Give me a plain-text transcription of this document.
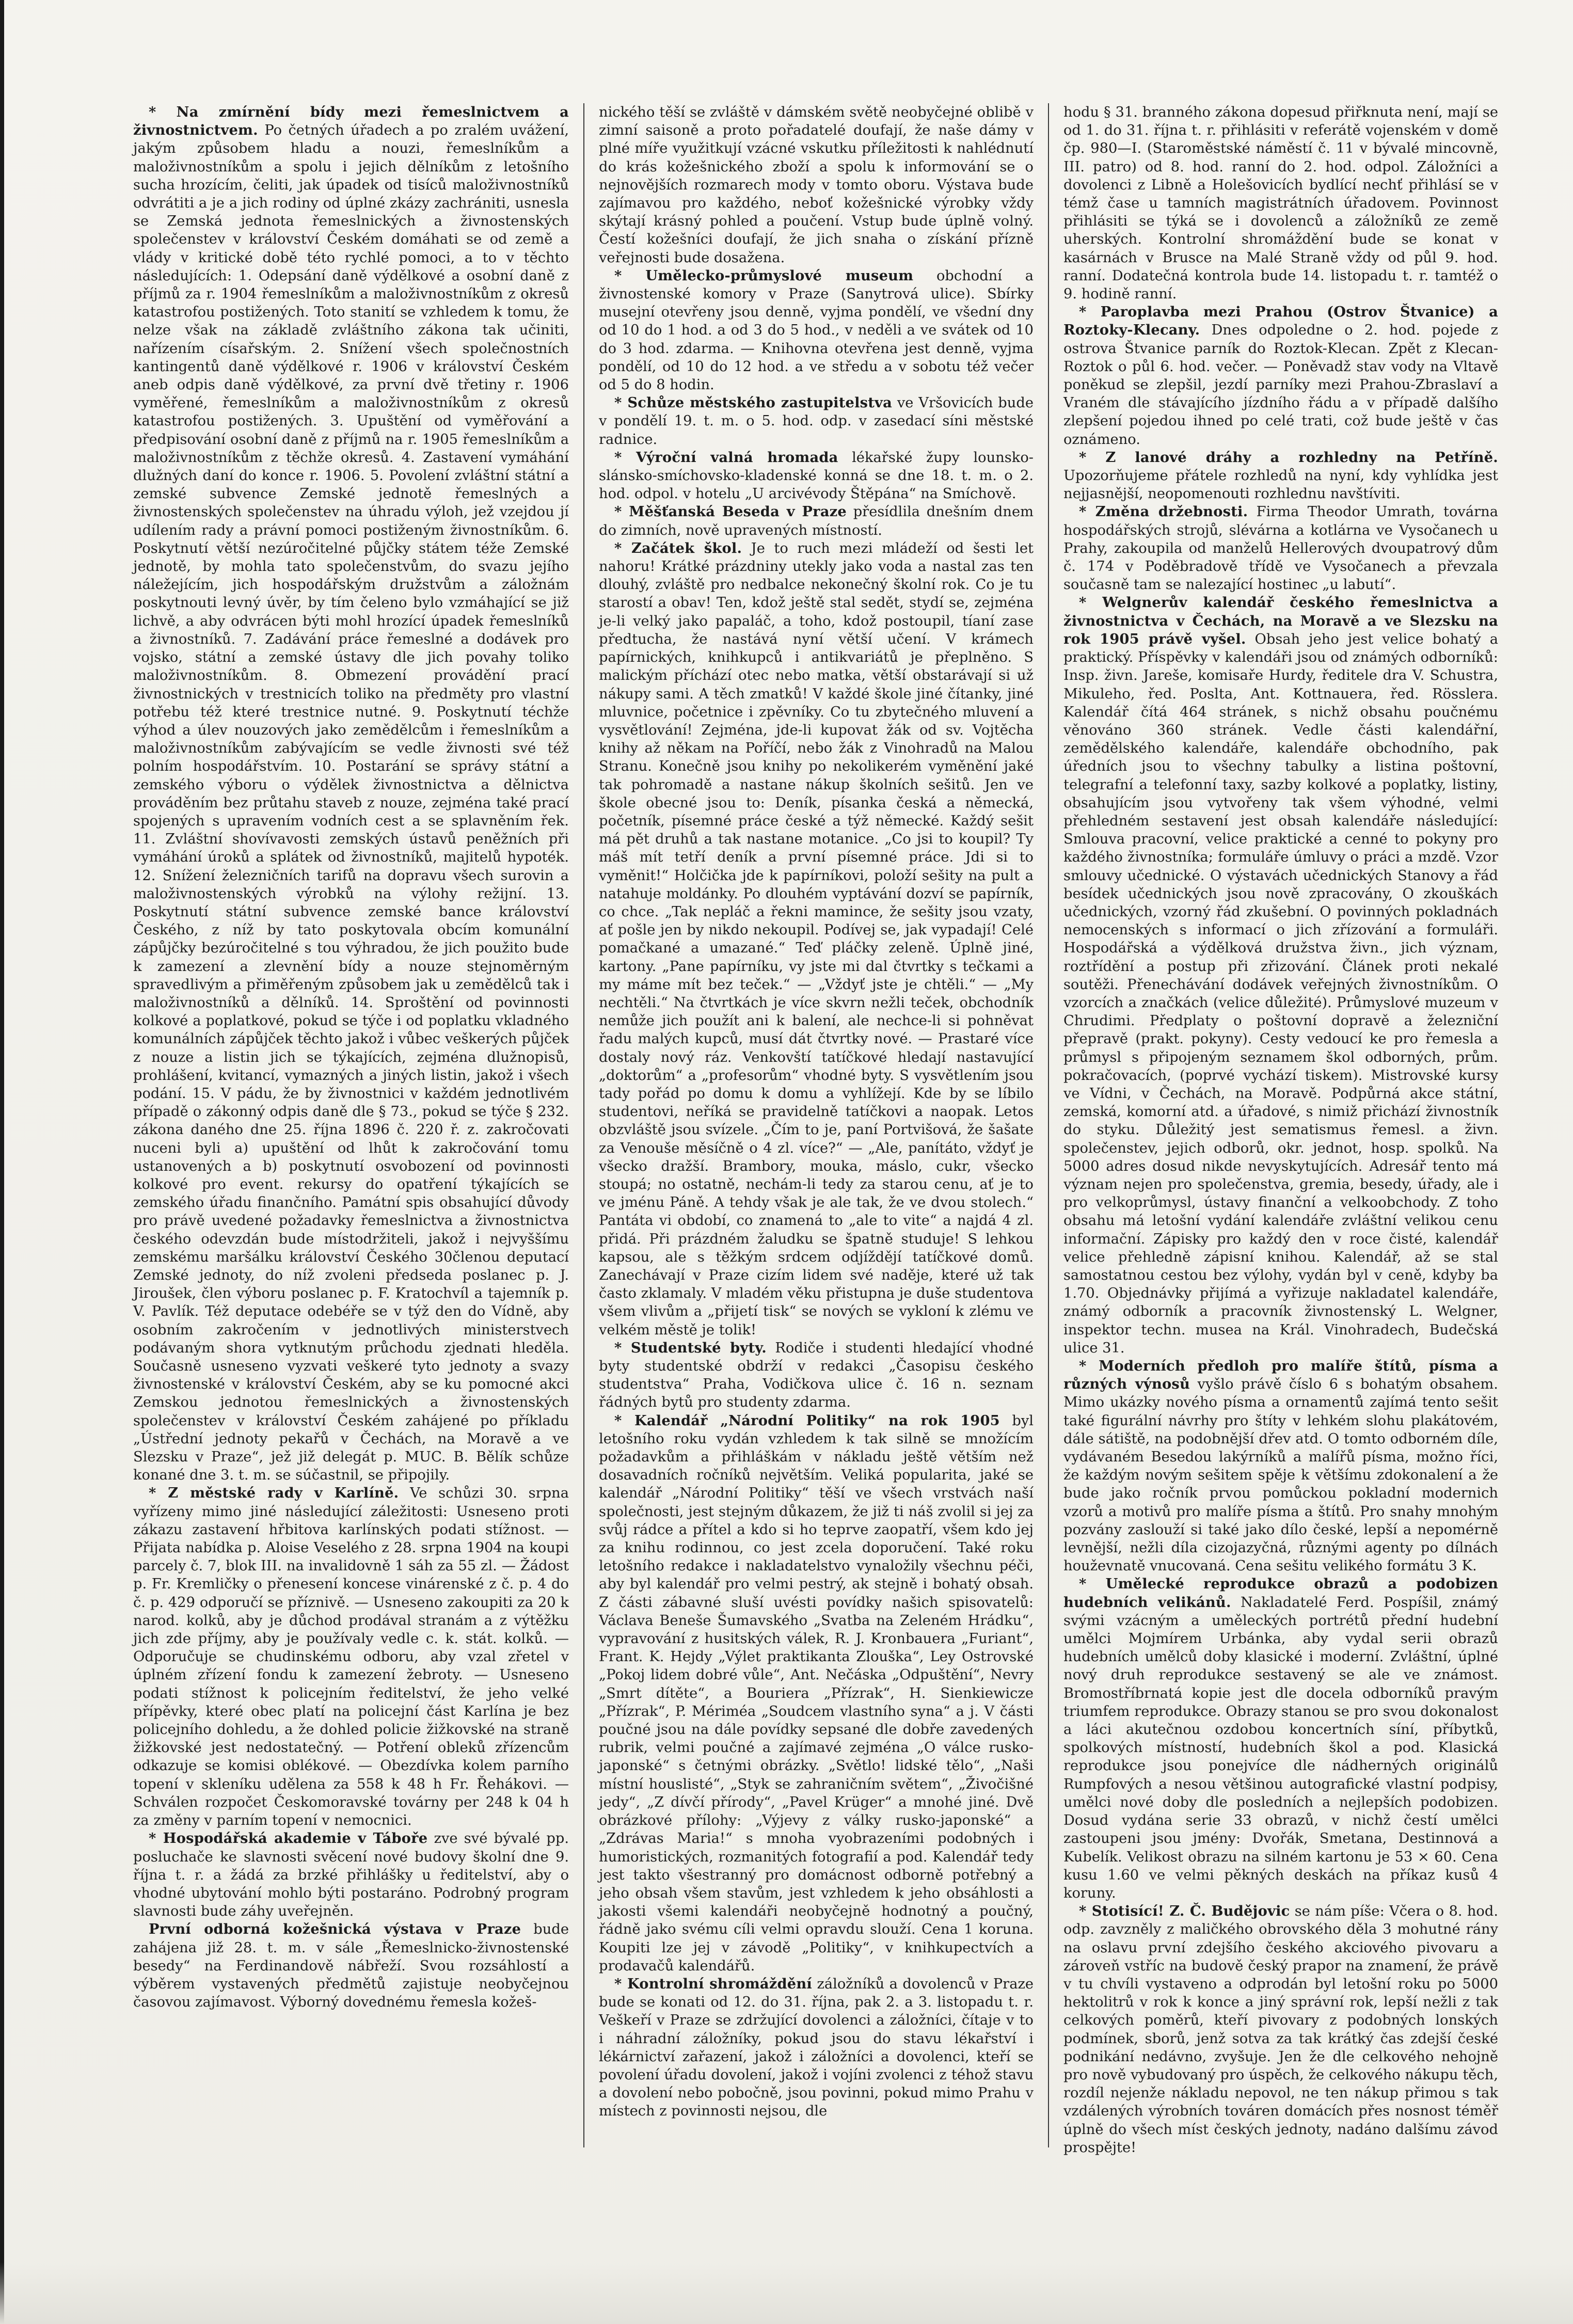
* Na zmírnění bídy mezi řemeslnictvem a živnostnictvem. Po četných úřadech a po zralém uvážení, jakým způsobem hladu a nouzi, řemeslníkům a maloživnostníkům a spolu i jejich dělníkům z letošního sucha hrozícím, čeliti, jak úpadek od tisíců maloživnostníků odvrátiti a je a jich rodiny od úplné zkázy zachrániti, usnesla se Zemská jednota řemeslnických a živnostenských společenstev v království Českém domáhati se od země a vlády v kritické době této rychlé pomoci, a to v těchto následujících: 1. Odepsání daně výdělkové a osobní daně z příjmů za r. 1904 řemeslníkům a maloživnostníkům z okresů katastrofou postižených. Toto stanití se vzhledem k tomu, že nelze však na základě zvláštního zákona tak učiniti, nařízením císařským. 2. Snížení všech společnostních kantingentů daně výdělkové r. 1906 v království Českém aneb odpis daně výdělkové, za první dvě třetiny r. 1906 vyměřené, řemeslníkům a maloživnostníkům z okresů katastrofou postižených. 3. Upuštění od vyměřování a předpisování osobní daně z příjmů na r. 1905 řemeslníkům a maloživnostníkům z těchže okresů. 4. Zastavení vymáhání dlužných daní do konce r. 1906. 5. Povolení zvláštní státní a zemské subvence Zemské jednotě řemeslných a živnostenských společenstev na úhradu výloh, jež vzejdou jí udílením rady a právní pomoci postiženým živnostníkům. 6. Poskytnutí větší nezúročitelné půjčky státem téže Zemské jednotě, by mohla tato společenstvům, do svazu jejího náležejícím, jich hospodářským družstvům a záložnám poskytnouti levný úvěr, by tím čeleno bylo vzmáhající se již lichvě, a aby odvrácen býti mohl hrozící úpadek řemeslníků a živnostníků. 7. Zadávání práce řemeslné a dodávek pro vojsko, státní a zemské ústavy dle jich povahy toliko maloživnostníkům. 8. Obmezení provádění prací živnostnických v trestnicích toliko na předměty pro vlastní potřebu též které trestnice nutné. 9. Poskytnutí téchže výhod a úlev nouzových jako zemědělcům i řemeslníkům a maloživnostníkům zabývajícím se vedle živnosti své též polním hospodářstvím. 10. Postarání se správy státní a zemského výboru o výdělek živnostnictva a dělnictva prováděním bez průtahu staveb z nouze, zejména také prací spojených s upravením vodních cest a se splavněním řek. 11. Zvláštní shovívavosti zemských ústavů peněžních při vymáhání úroků a splátek od živnostníků, majitelů hypoték. 12. Snížení železničních tarifů na dopravu všech surovin a maloživnostenských výrobků na výlohy režijní. 13. Poskytnutí státní subvence zemské bance království Českého, z níž by tato poskytovala obcím komunální zápůjčky bezúročitelné s tou výhradou, že jich použito bude k zamezení a zlevnění bídy a nouze stejnoměrným spravedlivým a přiměřeným způsobem jak u zemědělců tak i maloživnostníků a dělníků. 14. Sproštění od povinnosti kolkové a poplatkové, pokud se týče i od poplatku vkladného komunálních zápůjček těchto jakož i vůbec veškerých půjček z nouze a listin jich se týkajících, zejména dlužnopisů, prohlášení, kvitancí, vymazných a jiných listin, jakož i všech podání. 15. V pádu, že by živnostnici v každém jednotlivém případě o zákonný odpis daně dle § 73., pokud se týče § 232. zákona daného dne 25. října 1896 č. 220 ř. z. zakročovati nuceni byli a) upuštění od lhůt k zakročování tomu ustanovených a b) poskytnutí osvobození od povinnosti kolkové pro event. rekursy do opatření týkajících se zemského úřadu finančního. Památní spis obsahující důvody pro právě uvedené požadavky řemeslnictva a živnostnictva českého odevzdán bude místodržiteli, jakož i nejvyššímu zemskému maršálku království Českého 30členou deputací Zemské jednoty, do níž zvoleni předseda poslanec p. J. Jiroušek, člen výboru poslanec p. F. Kratochvíl a tajemník p. V. Pavlík. Též deputace odebéře se v týž den do Vídně, aby osobním zakročením v jednotlivých ministerstvech podávaným shora vytknutým průchodu zjednati hleděla. Současně usneseno vyzvati veškeré tyto jednoty a svazy živnostenské v království Českém, aby se ku pomocné akci Zemskou jednotou řemeslnických a živnostenských společenstev v království Českém zahájené po příkladu „Ústřední jednoty pekařů v Čechách, na Moravě a ve Slezsku v Praze“, jež již delegát p. MUC. B. Bělík schůze konané dne 3. t. m. se súčastnil, se připojily.

* Z městské rady v Karlíně. Ve schůzi 30. srpna vyřízeny mimo jiné následující záležitosti: Usneseno proti zákazu zastavení hřbitova karlínských podati stížnost. — Přijata nabídka p. Aloise Veselého z 28. srpna 1904 na koupi parcely č. 7, blok III. na invalidovně 1 sáh za 55 zl. — Žádost p. Fr. Kremličky o přenesení koncese vinárenské z č. p. 4 do č. p. 429 odporučí se příznivě. — Usneseno zakoupiti za 20 k narod. kolků, aby je důchod prodával stranám a z výtěžku jich zde příjmy, aby je používaly vedle c. k. stát. kolků. — Odporučuje se chudinskému odboru, aby vzal zřetel v úplném zřízení fondu k zamezení žebroty. — Usneseno podati stížnost k policejním ředitelství, že jeho velké přípěvky, které obec platí na policejní část Karlína je bez policejního dohledu, a že dohled policie žižkovské na straně žižkovské jest nedostatečný. — Potření obleků zřízencům odkazuje se komisi oblékové. — Obezdívka kolem parního topení v skleníku udělena za 558 k 48 h Fr. Řehákovi. — Schválen rozpočet Českomoravské továrny per 248 k 04 h za změny v parním topení v nemocnici.

* Hospodářská akademie v Táboře zve své bývalé pp. posluchače ke slavnosti svěcení nové budovy školní dne 9. října t. r. a žádá za brzké přihlášky u ředitelství, aby o vhodné ubytování mohlo býti postaráno. Podrobný program slavnosti bude záhy uveřejněn.

První odborná kožešnická výstava v Praze bude zahájena již 28. t. m. v sále „Řemeslnicko-živnostenské besedy“ na Ferdinandově nábřeží. Svou rozsáhlostí a výběrem vystavených předmětů zajistuje neobyčejnou časovou zajímavost. Výborný dovednému řemesla kožeš-

nického těší se zvláště v dámském světě neobyčejné oblibě v zimní saisoně a proto pořadatelé doufají, že naše dámy v plné míře využitkují vzácné vskutku příležitosti k nahlédnutí do krás kožešnického zboží a spolu k informování se o nejnovějších rozmarech mody v tomto oboru. Výstava bude zajímavou pro každého, neboť kožešnické výrobky vždy skýtají krásný pohled a poučení. Vstup bude úplně volný. Čestí kožešníci doufají, že jich snaha o získání přízně veřejnosti bude dosažena.

* Umělecko-průmyslové museum obchodní a živnostenské komory v Praze (Sanytrová ulice). Sbírky musejní otevřeny jsou denně, vyjma pondělí, ve všední dny od 10 do 1 hod. a od 3 do 5 hod., v neděli a ve svátek od 10 do 3 hod. zdarma. — Knihovna otevřena jest denně, vyjma pondělí, od 10 do 12 hod. a ve středu a v sobotu též večer od 5 do 8 hodin.

* Schůze městského zastupitelstva ve Vršovicích bude v pondělí 19. t. m. o 5. hod. odp. v zasedací síni městské radnice.

* Výroční valná hromada lékařské župy lounsko-slánsko-smíchovsko-kladenské konná se dne 18. t. m. o 2. hod. odpol. v hotelu „U arcivévody Štěpána“ na Smíchově.

* Měšťanská Beseda v Praze přesídlila dnešním dnem do zimních, nově upravených místností.

* Začátek škol. Je to ruch mezi mládeží od šesti let nahoru! Krátké prázdniny utekly jako voda a nastal zas ten dlouhý, zvláště pro nedbalce nekonečný školní rok. Co je tu starostí a obav! Ten, kdož ještě stal sedět, stydí se, zejména je-li velký jako papaláč, a toho, kdož postoupil, tíaní zase předtucha, že nastává nyní větší učení. V krámech papírnických, knihkupců i antikvariátů je přeplněno. S malickým příchází otec nebo matka, větší obstarávají si už nákupy sami. A těch zmatků! V každé škole jiné čítanky, jiné mluvnice, početnice i zpěvníky. Co tu zbytečného mluvení a vysvětlování! Zejména, jde-li kupovat žák od sv. Vojtěcha knihy až někam na Poříčí, nebo žák z Vinohradů na Malou Stranu. Konečně jsou knihy po nekolikerém vyměnění jaké tak pohromadě a nastane nákup školních sešitů. Jen ve škole obecné jsou to: Deník, písanka česká a německá, početník, písemné práce české a týž německé. Každý sešit má pět druhů a tak nastane motanice. „Co jsi to koupil? Ty máš mít tetří deník a první písemné práce. Jdi si to vyměnit!“ Holčička jde k papírníkovi, položí sešity na pult a natahuje moldánky. Po dlouhém vyptávání dozví se papírník, co chce. „Tak nepláč a řekni mamince, že sešity jsou vzaty, ať pošle jen by nikdo nekoupil. Podívej se, jak vypadají! Celé pomačkané a umazané.“ Teď pláčky zeleně. Úplně jiné, kartony. „Pane papírníku, vy jste mi dal čtvrtky s tečkami a my máme mít bez teček.“ — „Vždyť jste je chtěli.“ — „My nechtěli.“ Na čtvrtkách je více skvrn nežli teček, obchodník nemůže jich použít ani k balení, ale nechce-li si pohněvat řadu malých kupců, musí dát čtvrtky nové. — Prastaré více dostaly nový ráz. Venkovští tatíčkové hledají nastavující „doktorům“ a „profesorům“ vhodné byty. S vysvětlením jsou tady pořád po domu k domu a vyhlížejí. Kde by se líbilo studentovi, neříká se pravidelně tatíčkovi a naopak. Letos obzvláště jsou svízele. „Čím to je, paní Portvišová, že šašate za Venouše měsíčně o 4 zl. více?“ — „Ale, panítáto, vždyť je všecko dražší. Brambory, mouka, máslo, cukr, všecko stoupá; no ostatně, nechám-li tedy za starou cenu, ať je to ve jménu Páně. A tehdy však je ale tak, že ve dvou stolech.“ Pantáta vi období, co znamená to „ale to vite“ a najdá 4 zl. přidá. Při prázdném žaludku se špatně studuje! S lehkou kapsou, ale s těžkým srdcem odjíždějí tatíčkové domů. Zanechávají v Praze cizím lidem své naděje, které už tak často zklamaly. V mladém věku přistupna je duše studentova všem vlivům a „přijetí tisk“ se nových se vykloní k zlému ve velkém městě je tolik!

* Studentské byty. Rodiče i studenti hledající vhodné byty studentské obdrží v redakci „Časopisu českého studentstva“ Praha, Vodičkova ulice č. 16 n. seznam řádných bytů pro studenty zdarma.

* Kalendář „Národní Politiky“ na rok 1905 byl letošního roku vydán vzhledem k tak silně se množícím požadavkům a přihláškám v nákladu ještě větším než dosavadních ročníků největším. Veliká popularita, jaké se kalendář „Národní Politiky“ těší ve všech vrstvách naší společnosti, jest stejným důkazem, že již ti náš zvolil si jej za svůj rádce a přítel a kdo si ho teprve zaopatří, všem kdo jej za knihu rodinnou, co jest zcela doporučení. Také roku letošního redakce i nakladatelstvo vynaložily všechnu péči, aby byl kalendář pro velmi pestrý, ak stejně i bohatý obsah. Z části zábavné sluší uvésti povídky našich spisovatelů: Václava Beneše Šumavského „Svatba na Zeleném Hrádku“, vypravování z husitských válek, R. J. Kronbauera „Furiant“, Frant. K. Hejdy „Výlet praktikanta Zlouška“, Ley Ostrovské „Pokoj lidem dobré vůle“, Ant. Nečáska „Odpuštění“, Nevry „Smrt dítěte“, a Bouriera „Přízrak“, H. Sienkiewicze „Přízrak“, P. Mériméa „Soudcem vlastního syna“ a j. V části poučné jsou na dále povídky sepsané dle dobře zavedených rubrik, velmi poučné a zajímavé zejména „O válce rusko-japonské“ s četnými obrázky. „Světlo! lidské tělo“, „Naši místní houslisté“, „Styk se zahraničním světem“, „Živočišné jedy“, „Z dívčí přírody“, „Pavel Krüger“ a mnohé jiné. Dvě obrázkové přílohy: „Výjevy z války rusko-japonské“ a „Zdrávas Maria!“ s mnoha vyobrazeními podobných i humoristických, rozmanitých fotografií a pod. Kalendář tedy jest takto všestranný pro domácnost odborně potřebný a jeho obsah všem stavům, jest vzhledem k jeho obsáhlosti a jakosti všemi kalendáři neobyčejně hodnotný a poučný, řádně jako svému cíli velmi opravdu slouží. Cena 1 koruna. Koupiti lze jej v závodě „Politiky“, v knihkupectvích a prodavačů kalendářů.

* Kontrolní shromáždění záložníků a dovolenců v Praze bude se konati od 12. do 31. října, pak 2. a 3. listopadu t. r. Veškeří v Praze se zdržující dovolenci a záložníci, čítaje v to i náhradní záložníky, pokud jsou do stavu lékařství i lékárnictví zařazení, jakož i záložníci a dovolenci, kteří se povolení úřadu dovolení, jakož i vojíni zvolenci z téhož stavu a dovolení nebo pobočně, jsou povinni, pokud mimo Prahu v místech z povinnosti nejsou, dle

hodu § 31. branného zákona dopesud přiřknuta není, mají se od 1. do 31. října t. r. přihlásiti v referátě vojenském v domě čp. 980—I. (Staroměstské náměstí č. 11 v bývalé mincovně, III. patro) od 8. hod. ranní do 2. hod. odpol. Záložníci a dovolenci z Libně a Holešovicích bydlící nechť přihlásí se v témž čase u tamních magistrátních úřadovem. Povinnost přihlásiti se týká se i dovolenců a záložníků ze země uherských. Kontrolní shromáždění bude se konat v kasárnách v Brusce na Malé Straně vždy od půl 9. hod. ranní. Dodatečná kontrola bude 14. listopadu t. r. tamtéž o 9. hodině ranní.

* Paroplavba mezi Prahou (Ostrov Štvanice) a Roztoky-Klecany. Dnes odpoledne o 2. hod. pojede z ostrova Štvanice parník do Roztok-Klecan. Zpět z Klecan-Roztok o půl 6. hod. večer. — Poněvadž stav vody na Vltavě poněkud se zlepšil, jezdí parníky mezi Prahou-Zbraslaví a Vraném dle stávajícího jízdního řádu a v případě dalšího zlepšení pojedou ihned po celé trati, což bude ještě v čas oznámeno.

* Z lanové dráhy a rozhledny na Petříně. Upozorňujeme přátele rozhledů na nyní, kdy vyhlídka jest nejjasnější, neopomenouti rozhlednu navštíviti.

* Změna držebnosti. Firma Theodor Umrath, továrna hospodářských strojů, slévárna a kotlárna ve Vysočanech u Prahy, zakoupila od manželů Hellerových dvoupatrový dům č. 174 v Poděbradově třídě ve Vysočanech a převzala současně tam se nalezající hostinec „u labutí“.

* Welgnerův kalendář českého řemeslnictva a živnostnictva v Čechách, na Moravě a ve Slezsku na rok 1905 právě vyšel. Obsah jeho jest velice bohatý a praktický. Příspěvky v kalendáři jsou od známých odborníků: Insp. živn. Jareše, komisaře Hurdy, ředitele dra V. Schustra, Mikuleho, řed. Poslta, Ant. Kottnauera, řed. Rösslera. Kalendář čítá 464 stránek, s nichž obsahu poučnému věnováno 360 stránek. Vedle části kalendářní, zemědělského kalendáře, kalendáře obchodního, pak úředních jsou to všechny tabulky a listina poštovní, telegrafní a telefonní taxy, sazby kolkové a poplatky, listiny, obsahujícím jsou vytvořeny tak všem výhodné, velmi přehledném sestavení jest obsah kalendáře následující: Smlouva pracovní, velice praktické a cenné to pokyny pro každého živnostníka; formuláře úmluvy o práci a mzdě. Vzor smlouvy učednické. O výstavách učednických Stanovy a řád besídek učednických jsou nově zpracovány, O zkouškách učednických, vzorný řád zkušební. O povinných pokladnách nemocenských s informací o jich zřízování a formuláři. Hospodářská a výdělková družstva živn., jich význam, roztřídění a postup při zřizování. Článek proti nekalé soutěži. Přenechávání dodávek veřejných živnostníkům. O vzorcích a značkách (velice důležité). Průmyslové muzeum v Chrudimi. Předplaty o poštovní dopravě a železniční přepravě (prakt. pokyny). Cesty vedoucí ke pro řemesla a průmysl s připojeným seznamem škol odborných, prům. pokračovacích, (poprvé vychází tiskem). Mistrovské kursy ve Vídni, v Čechách, na Moravě. Podpůrná akce státní, zemská, komorní atd. a úřadové, s nimiž přichází živnostník do styku. Důležitý jest sematismus řemesl. a živn. společenstev, jejich odborů, okr. jednot, hosp. spolků. Na 5000 adres dosud nikde nevyskytujících. Adresář tento má význam nejen pro společenstva, gremia, besedy, úřady, ale i pro velkoprůmysl, ústavy finanční a velkoobchody. Z toho obsahu má letošní vydání kalendáře zvláštní velikou cenu informační. Zápisky pro každý den v roce čisté, kalendář velice přehledně zápisní knihou. Kalendář, až se stal samostatnou cestou bez výlohy, vydán byl v ceně, kdyby ba 1.70. Objednávky přijímá a vyřizuje nakladatel kalendáře, známý odborník a pracovník živnostenský L. Welgner, inspektor techn. musea na Král. Vinohradech, Budečská ulice 31.

* Moderních předloh pro malíře štítů, písma a různých výnosů vyšlo právě číslo 6 s bohatým obsahem. Mimo ukázky nového písma a ornamentů zajímá tento sešit také figurální návrhy pro štíty v lehkém slohu plakátovém, dále sátiště, na podobnější dřev atd. O tomto odborném díle, vydávaném Besedou lakýrníků a malířů písma, možno říci, že každým novým sešitem spěje k většímu zdokonalení a že bude jako ročník prvou pomůckou pokladní modernich vzorů a motivů pro malíře písma a štítů. Pro snahy mnohým pozvány zaslouží si také jako dílo české, lepší a nepomérně levnější, nežli díla cizojazyčná, různými agenty po dílnách houževnatě vnucovaná. Cena sešitu velikého formátu 3 K.

* Umělecké reprodukce obrazů a podobizen hudebních velikánů. Nakladatelé Ferd. Pospíšil, známý svými vzácným a uměleckých portrétů přední hudební umělci Mojmírem Urbánka, aby vydal serii obrazů hudebních umělců doby klasické i moderní. Zvláštní, úplné nový druh reprodukce sestavený se ale ve známost. Bromostříbrnatá kopie jest dle docela odborníků pravým triumfem reprodukce. Obrazy stanou se pro svou dokonalost a láci akutečnou ozdobou koncertních síní, příbytků, spolkových místností, hudebních škol a pod. Klasická reprodukce jsou ponejvíce dle nádherných originálů Rumpfových a nesou většinou autografické vlastní podpisy, umělci nové doby dle posledních a nejlepších podobizen. Dosud vydána serie 33 obrazů, v nichž čestí umělci zastoupeni jsou jmény: Dvořák, Smetana, Destinnová a Kubelík. Velikost obrazu na silném kartonu je 53 × 60. Cena kusu 1.60 ve velmi pěkných deskách na příkaz kusů 4 koruny.

* Stotisící! Z. Č. Budějovic se nám píše: Včera o 8. hod. odp. zavzněly z maličkého obrovského děla 3 mohutné rány na oslavu první zdejšího českého akciového pivovaru a zároveň vstříc na budově český prapor na znamení, že právě v tu chvíli vystaveno a odprodán byl letošní roku po 5000 hektolitrů v rok k konce a jiný správní rok, lepší nežli z tak celkových poměrů, kteří pivovary z podobných lonských podmínek, sborů, jenž sotva za tak krátký čas zdejší české podnikání nedávno, zvyšuje. Jen že dle celkového nehojně pro nově vybudovaný pro úspěch, že celkového nákupu těch, rozdíl nejenže nákladu nepovol, ne ten nákup přimou s tak vzdálených výrobních továren domácích přes nosnost téměř úplně do všech míst českých jednoty, nadáno dalšímu závod prospějte!
